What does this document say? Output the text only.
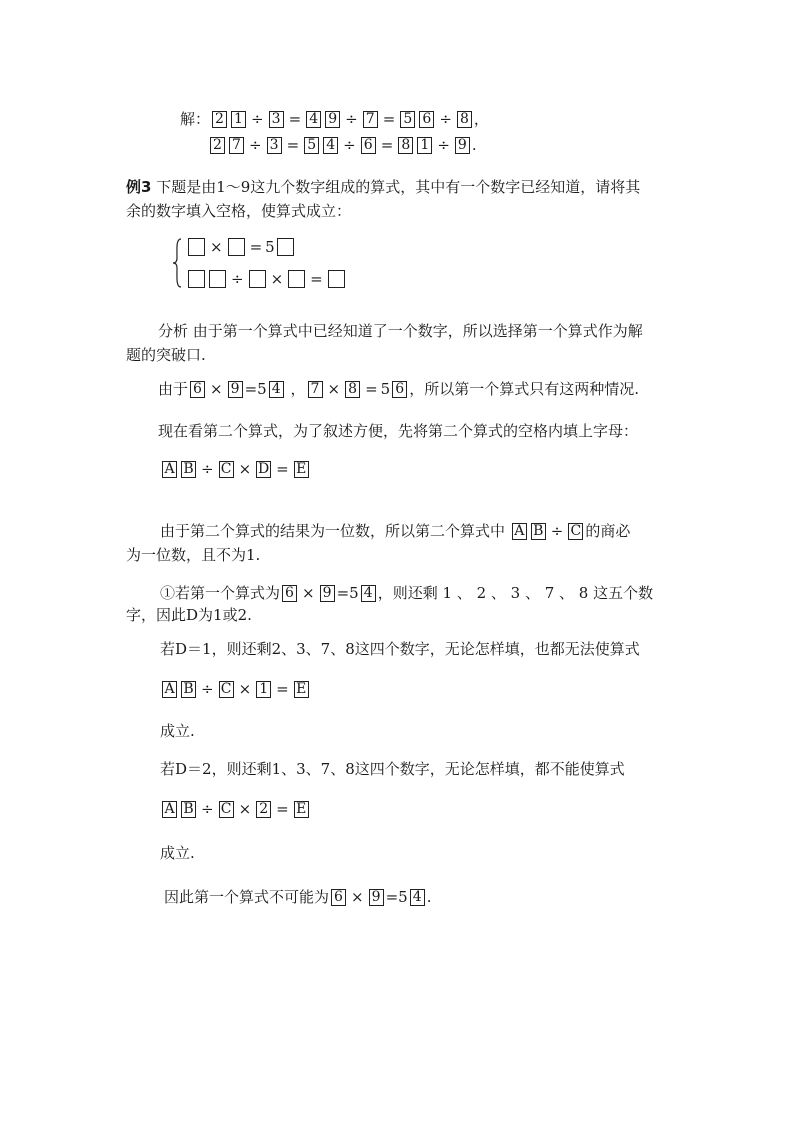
解： 2 1 ÷ 3 = 4 9 ÷ 7 = 5 6 ÷ 8 ，
2 7 ÷ 3 = 5 4 ÷ 6 = 8 1 ÷ 9 .
例3
下题是由1～9这九个数字组成的算式，其中有一个数字已经知道，请将其
余的数字填入空格，使算式成立：
× = 5
÷ × =
分析 由于第一个算式中已经知道了一个数字，所以选择第一个算式作为解
题的突破口.
由于 6 × 9 =5 4 ， 7 × 8 = 5 6 ，所以第一个算式只有这两种情况.
现在看第二个算式，为了叙述方便，先将第二个算式的空格内填上字母：
A B ÷ C × D = E
由于第二个算式的结果为一位数，所以第二个算式中
A B ÷ C 的商必
为一位数，且不为1.
①若第一个算式为 6 × 9 =5 4 ，则还剩 1 、 2 、 3 、 7 、 8 这五个数
字，因此D为1或2.
若D＝1，则还剩2、3、7、8这四个数字，无论怎样填，也都无法使算式
A B ÷ C × 1 = E
成立.
若D＝2，则还剩1、3、7、8这四个数字，无论怎样填，都不能使算式
A B ÷ C × 2 = E
成立.
因此第一个算式不可能为 6 × 9 =5 4 .
